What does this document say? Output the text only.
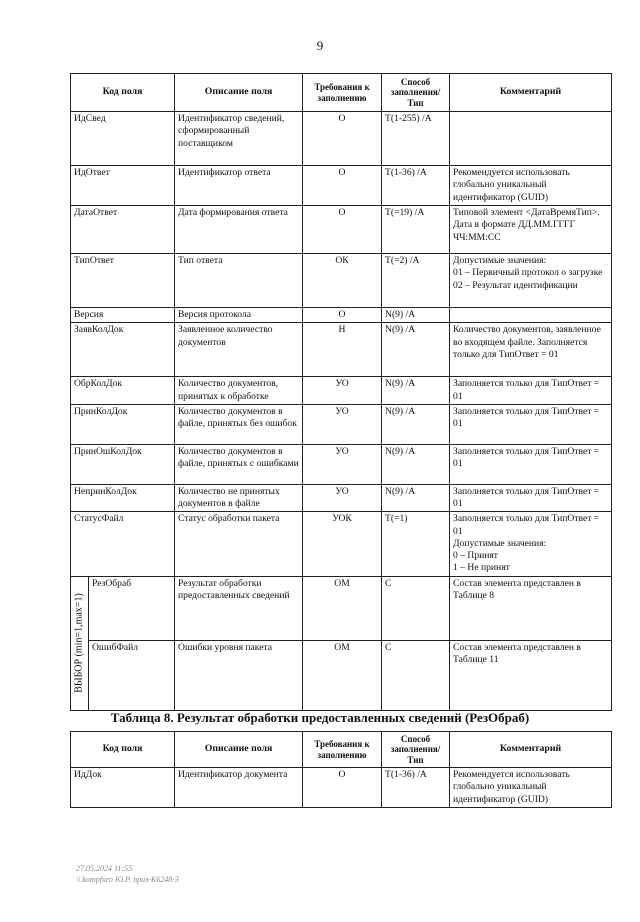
9
Код поля		Описание поля	Требования к заполнению	Способ заполнения/ Тип	Комментарий
ИдСвед		Идентификатор сведений, сформированный поставщиком	О	T(1-255) /А	
ИдОтвет		Идентификатор ответа	О	T(1-36) /А	Рекомендуется использовать глобально уникальный идентификатор (GUID)
ДатаОтвет		Дата формирования ответа	О	T(=19) /А	Типовой элемент <ДатаВремяТип>. Дата в формате ДД.ММ.ГГГГ ЧЧ:ММ:СС
ТипОтвет		Тип ответа	ОК	T(=2) /А	Допустимые значения:
01 – Первичный протокол о загрузке
02 – Результат идентификации
Версия		Версия протокола	О	N(9) /А	
ЗаявКолДок		Заявленное количество документов	Н	N(9) /А	Количество документов, заявленное во входящем файле. Заполняется только для ТипОтвет = 01
ОбрКолДок		Количество документов, принятых к обработке	УО	N(9) /А	Заполняется только для ТипОтвет = 01
ПринКолДок		Количество документов в файле, принятых без ошибок	УО	N(9) /А	Заполняется только для ТипОтвет = 01
ПринОшКолДок		Количество документов в файле, принятых с ошибками	УО	N(9) /А	Заполняется только для ТипОтвет = 01
НепринКолДок		Количество не принятых документов в файле	УО	N(9) /А	Заполняется только для ТипОтвет = 01
СтатусФайл		Статус обработки пакета	УОК	T(=1)	Заполняется только для ТипОтвет = 01
Допустимые значения:
0 – Принят
1 – Не принят

ВЫБОР (min=1,max=1)	РезОбраб	Результат обработки предоставленных сведений	ОМ	С	Состав элемента представлен в Таблице 8
	ОшибФайл	Ошибки уровня пакета	ОМ	С	Состав элемента представлен в Таблице 11
Таблица 8. Результат обработки предоставленных сведений (РезОбраб)
Код поля	Описание поля	Требования к заполнению	Способ заполнения/ Тип	Комментарий
ИдДок	Идентификатор документа	О	T(1-36) /А	Рекомендуется использовать глобально уникальный идентификатор (GUID)
27.05.2024 11:55
\\.kompfuro Ю.Р. приз-К6248-3
